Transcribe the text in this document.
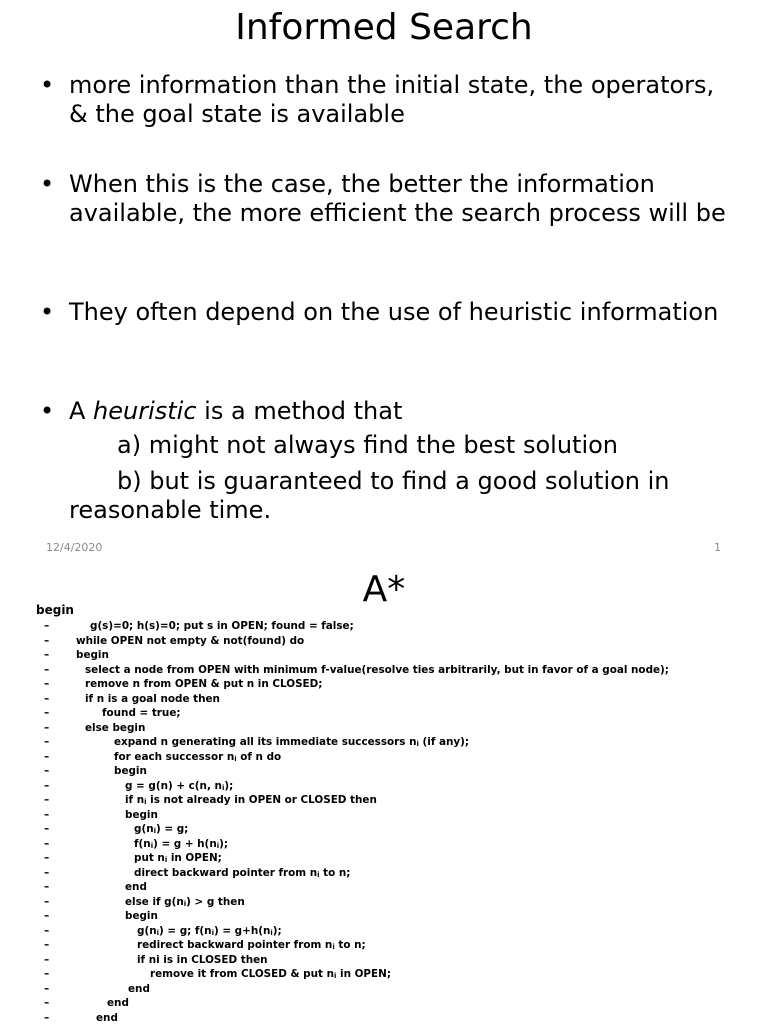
Informed Search
• more information than the initial state, the operators, & the goal state is available
• When this is the case, the better the information available, the more efficient the search process will be
• They often depend on the use of heuristic information
• A heuristic is a method that
a) might not always find the best solution
b) but is guaranteed to find a good solution in
reasonable time.
12/4/2020	1
A*
begin
–	g(s)=0; h(s)=0; put s in OPEN; found = false;
–	while OPEN not empty & not(found) do
–	begin
–	select a node from OPEN with minimum f-value(resolve ties arbitrarily, but in favor of a goal node);
–	remove n from OPEN & put n in CLOSED;
–	if n is a goal node then
–	found = true;
–	else begin
–	expand n generating all its immediate successors $n_i$ (if any);
–	for each successor $n_i$ of n do
–	begin
–	g = g(n) + c(n, $n_i$);
–	if $n_i$ is not already in OPEN or CLOSED then
–	begin
–	$g(n_i) = g$;
–	$f(n_i) = g + h(n_i)$;
–	put $n_i$ in OPEN;
–	direct backward pointer from $n_i$ to n;
–	end
–	else if $g(n_i) > g$ then
–	begin
–	$g(n_i) = g$; $f(n_i) = g+h(n_i)$;
–	redirect backward pointer from $n_i$ to n;
–	if ni is in CLOSED then
–	remove it from CLOSED & put $n_i$ in OPEN;
–	end
–	end
–	end
